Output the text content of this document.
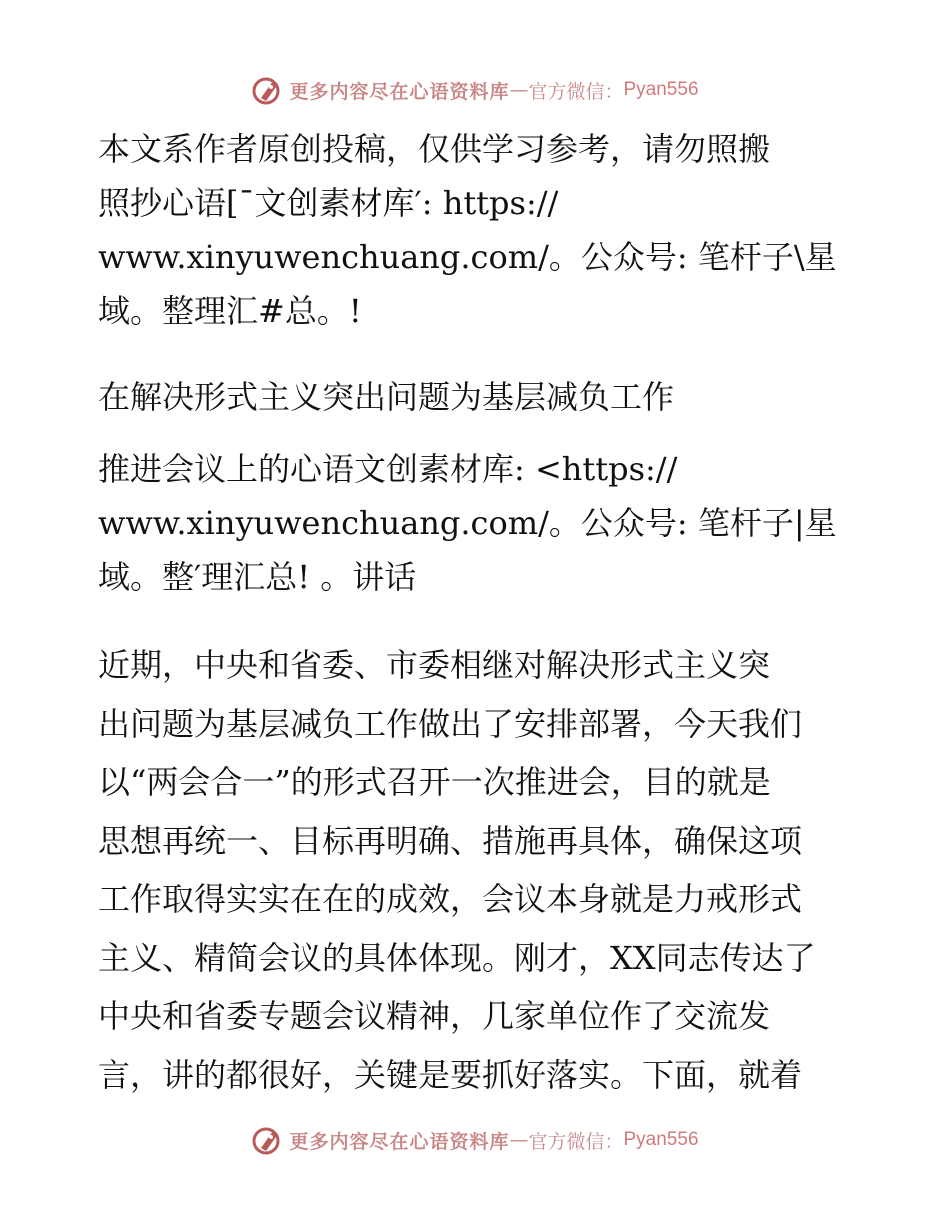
更多内容尽在心语资料库 — 官方微信： Pyan556

本文系作者原创投稿，仅供学习参考，请勿照搬
照抄心语[¯文创素材库′: https://
www.xinyuwenchuang.com/。公众号: 笔杆子\星
域。整理汇#总。!

在解决形式主义突出问题为基层减负工作

推进会议上的心语文创素材库: <https://
www.xinyuwenchuang.com/。公众号: 笔杆子|星
域。整′理汇总! 。讲话

近期，中央和省委、市委相继对解决形式主义突
出问题为基层减负工作做出了安排部署，今天我们
以“两会合一”的形式召开一次推进会，目的就是
思想再统一、目标再明确、措施再具体，确保这项
工作取得实实在在的成效，会议本身就是力戒形式
主义、精简会议的具体体现。刚才，XX同志传达了
中央和省委专题会议精神，几家单位作了交流发
言，讲的都很好，关键是要抓好落实。下面，就着

更多内容尽在心语资料库 — 官方微信： Pyan556
